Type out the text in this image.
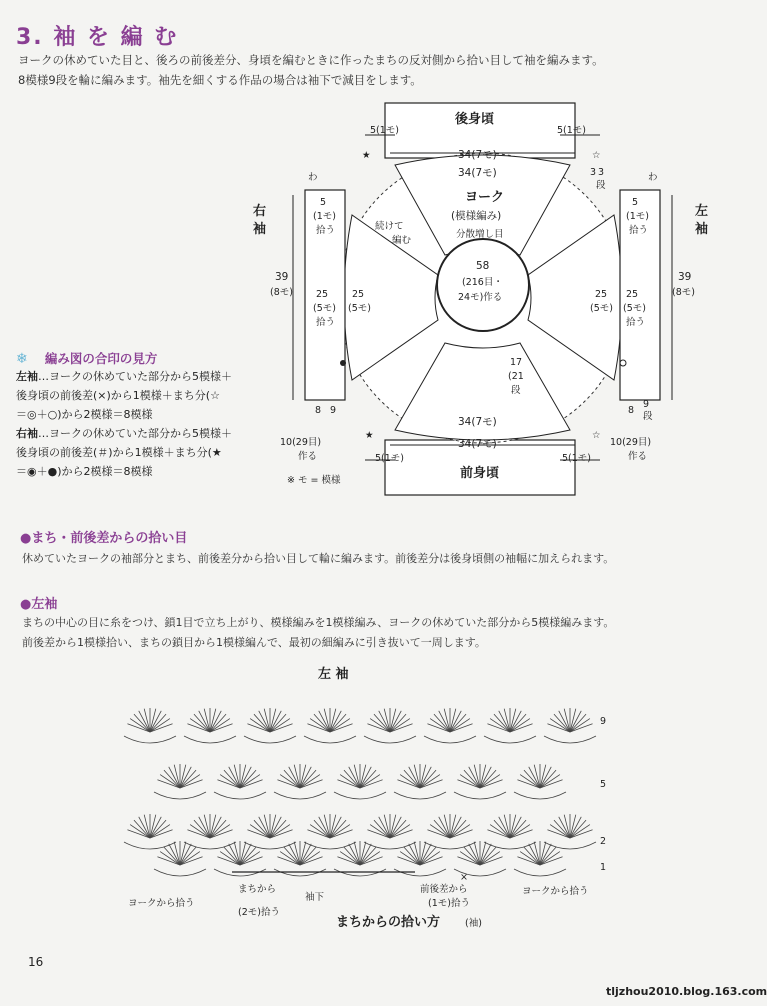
3. 袖 を 編 む
ヨークの休めていた目と、後ろの前後差分、身頃を編むときに作ったまちの反対側から拾い目して袖を編みます。
8模様9段を輪に編みます。袖先を細くする作品の場合は袖下で減目をします。
★	☆
★	☆
後身頃
前身頃
ヨーク
(模様編み)
分散増し目
58
(216目・
24モ)作る
続けて
編む
5(1モ)	5(1モ)
34(7モ)
34(7モ)
34(7モ)
34(7モ)
5(1モ)	5(1モ)
右
袖
39
(8モ)
わ
5
(1モ)
拾う
25
(5モ)
拾う
25
(5モ)
8 9
10(29目)
作る
左
袖
39
(8モ)
わ
5
(1モ)
拾う
25
(5モ)
拾う
25
(5モ)
3 3
段
17
(21
段
8
9
段
10(29目)
作る
※ モ = 模様
❄ 編み図の合印の見方
左袖…ヨークの休めていた部分から5模様＋
後身頃の前後差(×)から1模様＋まち分(☆
＝◎＋○)から2模様＝8模様
右袖…ヨークの休めていた部分から5模様＋
後身頃の前後差(＃)から1模様＋まち分(★
＝◉＋●)から2模様＝8模様
●まち・前後差からの拾い目
休めていたヨークの袖部分とまち、前後差分から拾い目して輪に編みます。前後差分は後身頃側の袖幅に加えられます。
●左袖
まちの中心の目に糸をつけ、鎖1目で立ち上がり、模様編みを1模様編み、ヨークの休めていた部分から5模様編みます。
前後差から1模様拾い、まちの鎖目から1模様編んで、最初の細編みに引き抜いて一周します。
左 袖
9
5
2
1
ヨークから拾う
まちから
(2モ)拾う
袖下
×
前後差から
(1モ)拾う
ヨークから拾う
まちからの拾い方	(袖)
16
tljzhou2010.blog.163.com
